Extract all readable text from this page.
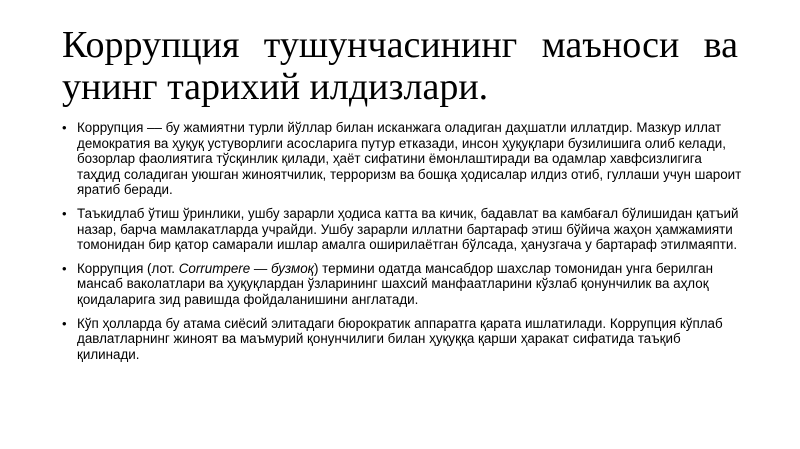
Коррупция тушунчасининг маъноси ва унинг тарихий илдизлари.
• Коррупция –– бу жамиятни турли йўллар билан исканжага оладиган даҳшатли иллатдир. Мазкур иллат демократия ва ҳуқуқ устуворлиги асосларига путур етказади, инсон ҳуқуқлари бузилишига олиб келади, бозорлар фаолиятига тўсқинлик қилади, ҳаёт сифатини ёмонлаштиради ва одамлар хавфсизлигига таҳдид соладиган уюшган жиноятчилик, терроризм ва бошқа ҳодисалар илдиз отиб, гуллаши учун шароит яратиб беради.
• Таъкидлаб ўтиш ўринлики, ушбу зарарли ҳодиса катта ва кичик, бадавлат ва камбағал бўлишидан қатъий назар, барча мамлакатларда учрайди. Ушбу зарарли иллатни бартараф этиш бўйича жаҳон ҳамжамияти томонидан бир қатор самарали ишлар амалга оширилаётган бўлсада, ҳанузгача у бартараф этилмаяпти.
• Коррупция (лот. Corrumpere — бузмоқ) термини одатда мансабдор шахслар томонидан унга берилган мансаб ваколатлари ва ҳуқуқлардан ўзларининг шахсий манфаатларини кўзлаб қонунчилик ва аҳлоқ қоидаларига зид равишда фойдаланишини англатади.
• Кўп ҳолларда бу атама сиёсий элитадаги бюрократик аппаратга қарата ишлатилади. Коррупция кўплаб давлатларнинг жиноят ва маъмурий қонунчилиги билан ҳуқуққа қарши ҳаракат сифатида таъқиб қилинади.
